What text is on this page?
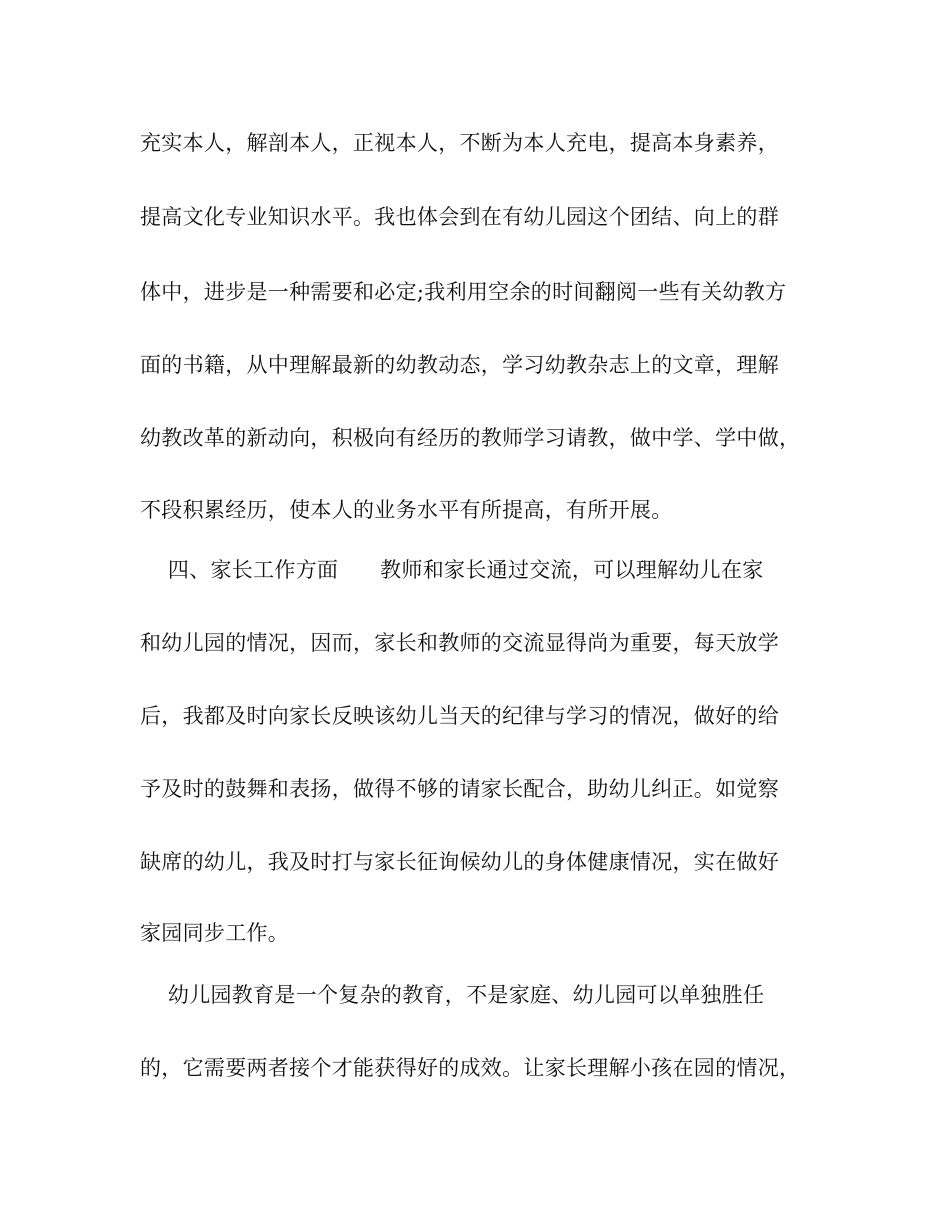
充实本人，解剖本人，正视本人，不断为本人充电，提高本身素养，
提高文化专业知识水平。我也体会到在有幼儿园这个团结、向上的群
体中，进步是一种需要和必定;我利用空余的时间翻阅一些有关幼教方
面的书籍，从中理解最新的幼教动态，学习幼教杂志上的文章，理解
幼教改革的新动向，积极向有经历的教师学习请教，做中学、学中做，
不段积累经历，使本人的业务水平有所提高，有所开展。
四、家长工作方面      教师和家长通过交流，可以理解幼儿在家
和幼儿园的情况，因而，家长和教师的交流显得尚为重要，每天放学
后，我都及时向家长反映该幼儿当天的纪律与学习的情况，做好的给
予及时的鼓舞和表扬，做得不够的请家长配合，助幼儿纠正。如觉察
缺席的幼儿，我及时打与家长征询候幼儿的身体健康情况，实在做好
家园同步工作。
幼儿园教育是一个复杂的教育，不是家庭、幼儿园可以单独胜任
的，它需要两者接个才能获得好的成效。让家长理解小孩在园的情况，
